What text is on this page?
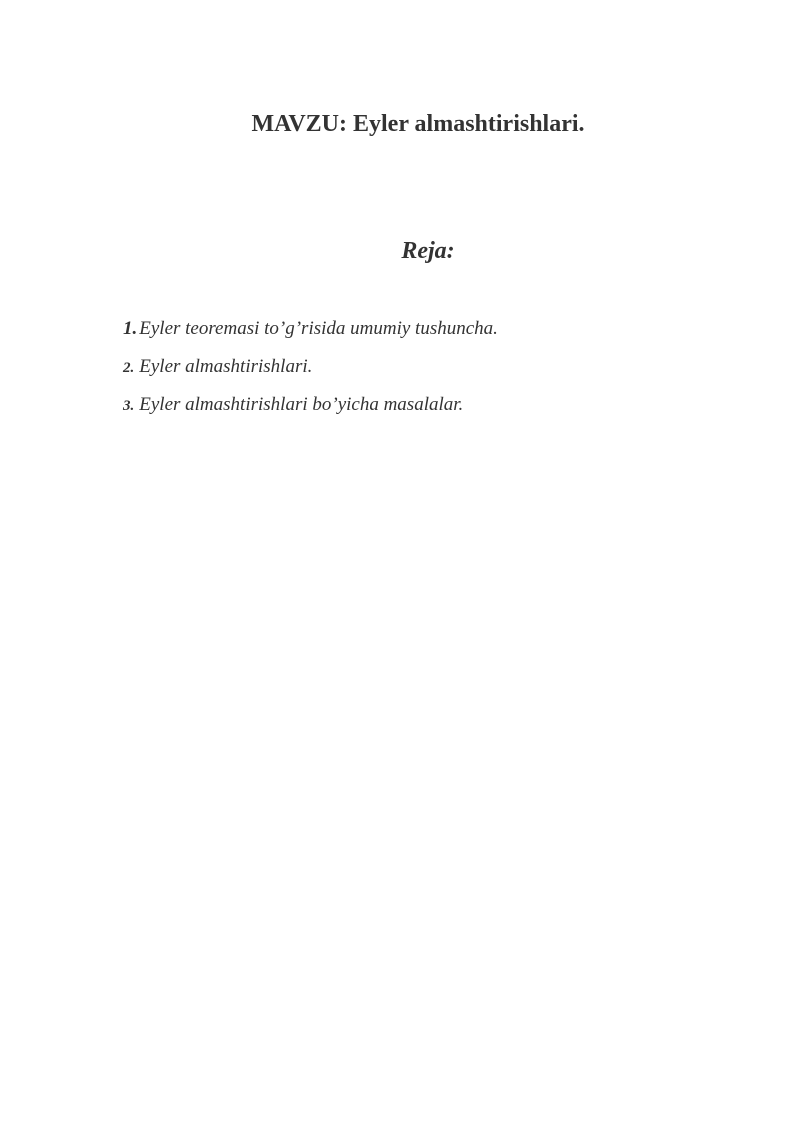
MAVZU: Eyler almashtirishlari.
Reja:
1. Eyler teoremasi to’g’risida umumiy tushuncha.
2. Eyler almashtirishlari.
3. Eyler almashtirishlari bo’yicha masalalar.
